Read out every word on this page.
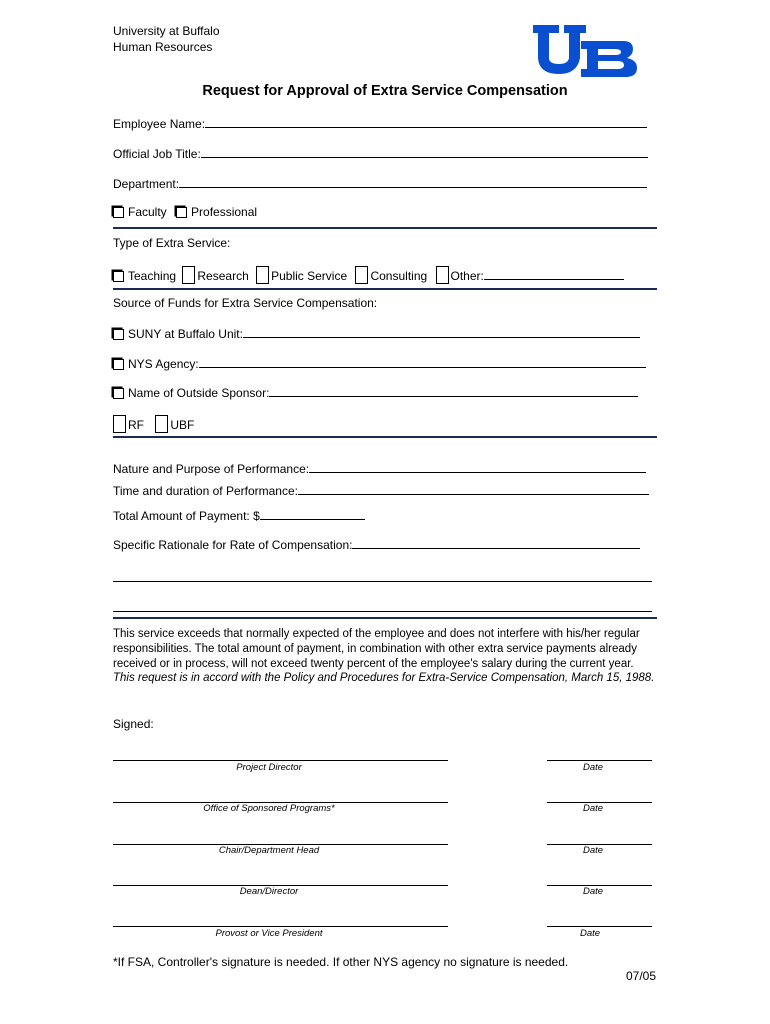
University at Buffalo
Human Resources
Request for Approval of Extra Service Compensation
Employee Name:
Official Job Title:
Department:
Faculty Professional
Type of Extra Service:
Teaching Research Public Service Consulting Other:
Source of Funds for Extra Service Compensation:
SUNY at Buffalo Unit:
NYS Agency:
Name of Outside Sponsor:
RF UBF
Nature and Purpose of Performance:
Time and duration of Performance:
Total Amount of Payment: $
Specific Rationale for Rate of Compensation:
This service exceeds that normally expected of the employee and does not interfere with his/her regular responsibilities. The total amount of payment, in combination with other extra service payments already received or in process, will not exceed twenty percent of the employee's salary during the current year. This request is in accord with the Policy and Procedures for Extra-Service Compensation, March 15, 1988.
Signed:
Project Director	Date
Office of Sponsored Programs*	Date
Chair/Department Head	Date
Dean/Director	Date
Provost or Vice President	Date
*If FSA, Controller's signature is needed. If other NYS agency no signature is needed.
07/05
